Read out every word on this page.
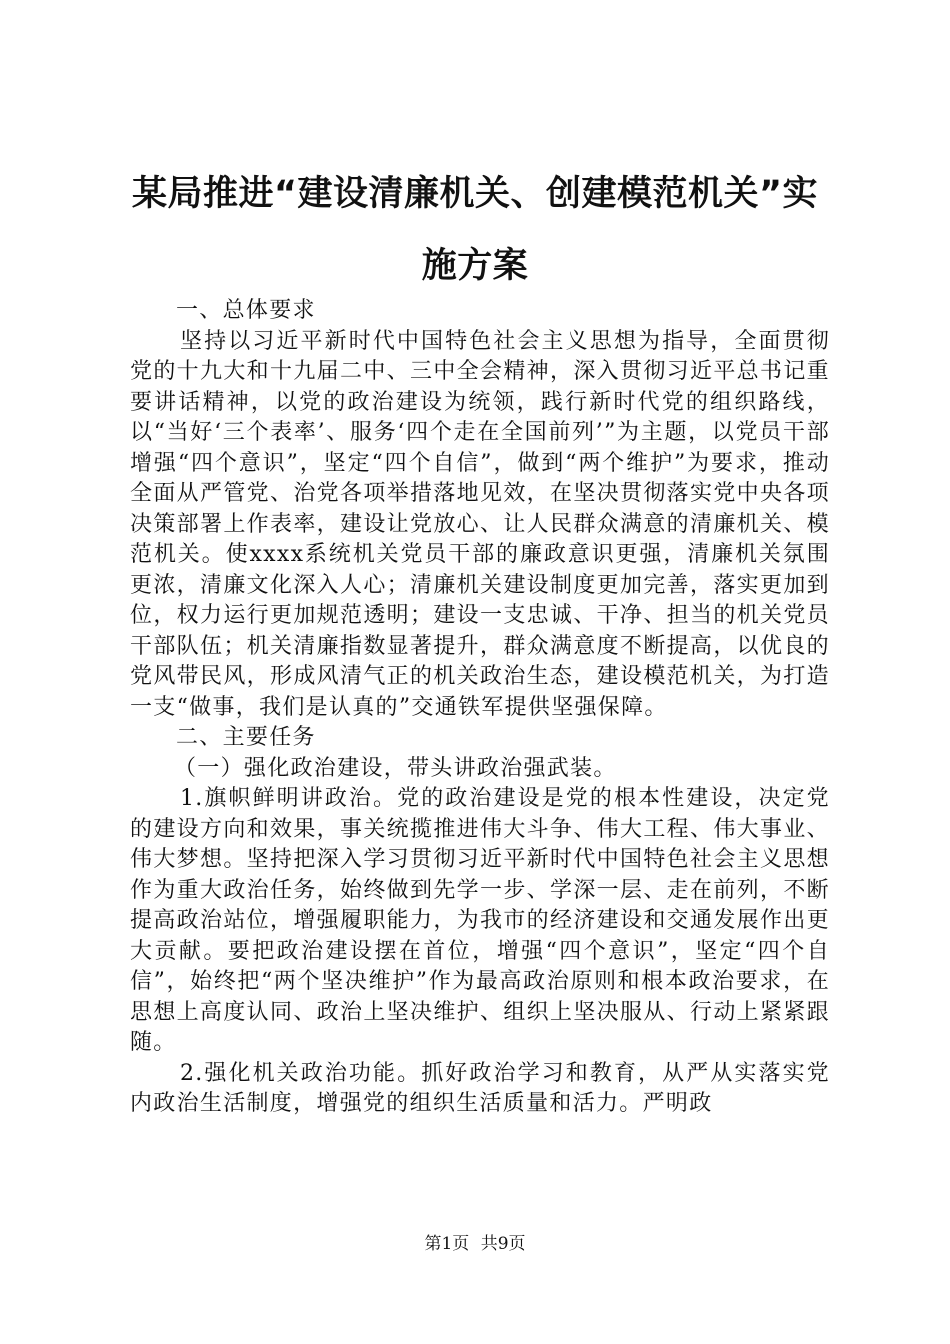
某局推进“建设清廉机关、创建模范机关”实施方案

一、总体要求

坚持以习近平新时代中国特色社会主义思想为指导，全面贯彻党的十九大和十九届二中、三中全会精神，深入贯彻习近平总书记重要讲话精神，以党的政治建设为统领，践行新时代党的组织路线，以“当好‘三个表率’、服务‘四个走在全国前列’”为主题，以党员干部增强“四个意识”，坚定“四个自信”，做到“两个维护”为要求，推动全面从严管党、治党各项举措落地见效，在坚决贯彻落实党中央各项决策部署上作表率，建设让党放心、让人民群众满意的清廉机关、模范机关。使xxxx系统机关党员干部的廉政意识更强，清廉机关氛围更浓，清廉文化深入人心；清廉机关建设制度更加完善，落实更加到位，权力运行更加规范透明；建设一支忠诚、干净、担当的机关党员干部队伍；机关清廉指数显著提升，群众满意度不断提高，以优良的党风带民风，形成风清气正的机关政治生态，建设模范机关，为打造一支“做事，我们是认真的”交通铁军提供坚强保障。

二、主要任务

（一）强化政治建设，带头讲政治强武装。

1.旗帜鲜明讲政治。党的政治建设是党的根本性建设，决定党的建设方向和效果，事关统揽推进伟大斗争、伟大工程、伟大事业、伟大梦想。坚持把深入学习贯彻习近平新时代中国特色社会主义思想作为重大政治任务，始终做到先学一步、学深一层、走在前列，不断提高政治站位，增强履职能力，为我市的经济建设和交通发展作出更大贡献。要把政治建设摆在首位，增强“四个意识”，坚定“四个自信”，始终把“两个坚决维护”作为最高政治原则和根本政治要求，在思想上高度认同、政治上坚决维护、组织上坚决服从、行动上紧紧跟随。

2.强化机关政治功能。抓好政治学习和教育，从严从实落实党内政治生活制度，增强党的组织生活质量和活力。严明政

第1页 共9页
